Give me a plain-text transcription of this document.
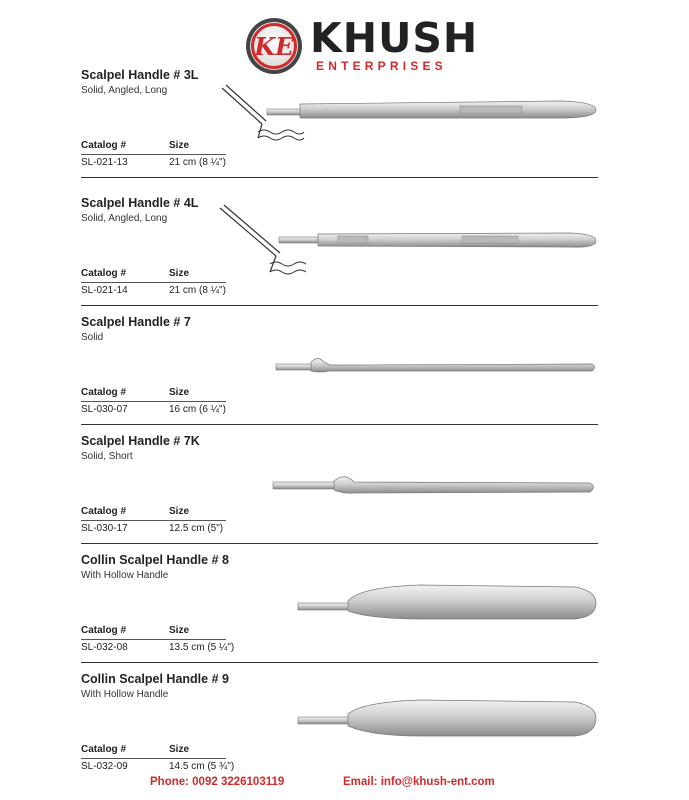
KE KHUSH
ENTERPRISES
Scalpel Handle # 3L
Solid, Angled, Long
Catalog #	Size
SL-021-13	21 cm (8 ¼")
Scalpel Handle # 4L
Solid, Angled, Long
Catalog #	Size
SL-021-14	21 cm (8 ¼")
Scalpel Handle # 7
Solid
Catalog #	Size
SL-030-07	16 cm (6 ¼")
Scalpel Handle # 7K
Solid, Short
Catalog #	Size
SL-030-17	12.5 cm (5")
Collin Scalpel Handle # 8
With Hollow Handle
Catalog #	Size
SL-032-08	13.5 cm (5 ¼")
Collin Scalpel Handle # 9
With Hollow Handle
Catalog #	Size
SL-032-09	14.5 cm (5 ¾")
Phone: 0092 3226103119	Email: info@khush-ent.com
